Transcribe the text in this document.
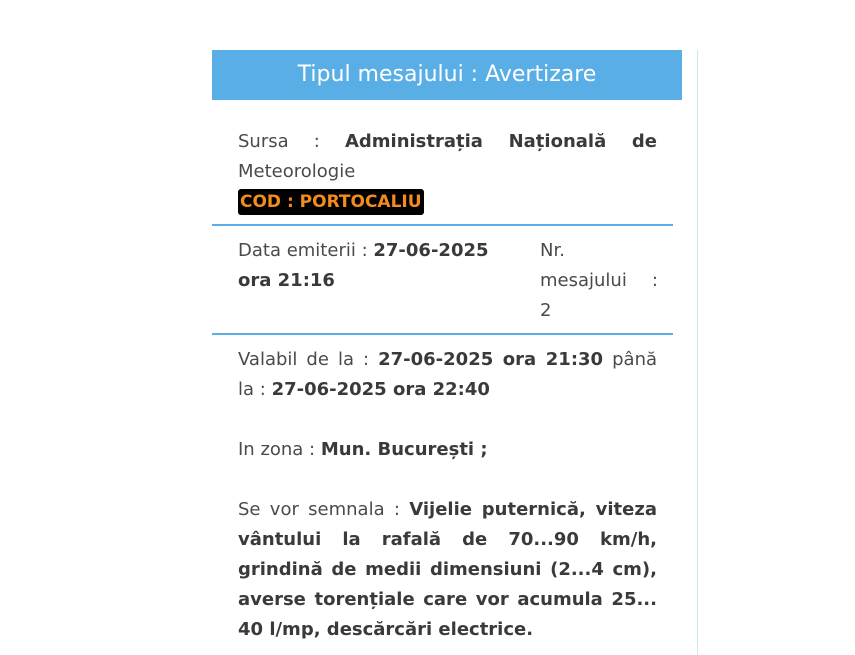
Tipul mesajului : Avertizare
Sursa : Administrația Națională de
Meteorologie
COD : PORTOCALIU
Data emiterii : 27-06-2025
ora 21:16
Nr.
mesajului :
2
Valabil de la : 27-06-2025 ora 21:30 până
la : 27-06-2025 ora 22:40
In zona : Mun. București ;
Se vor semnala : Vijelie puternică, viteza
vântului la rafală de 70...90 km/h,
grindină de medii dimensiuni (2...4 cm),
averse torențiale care vor acumula 25...
40 l/mp, descărcări electrice.
